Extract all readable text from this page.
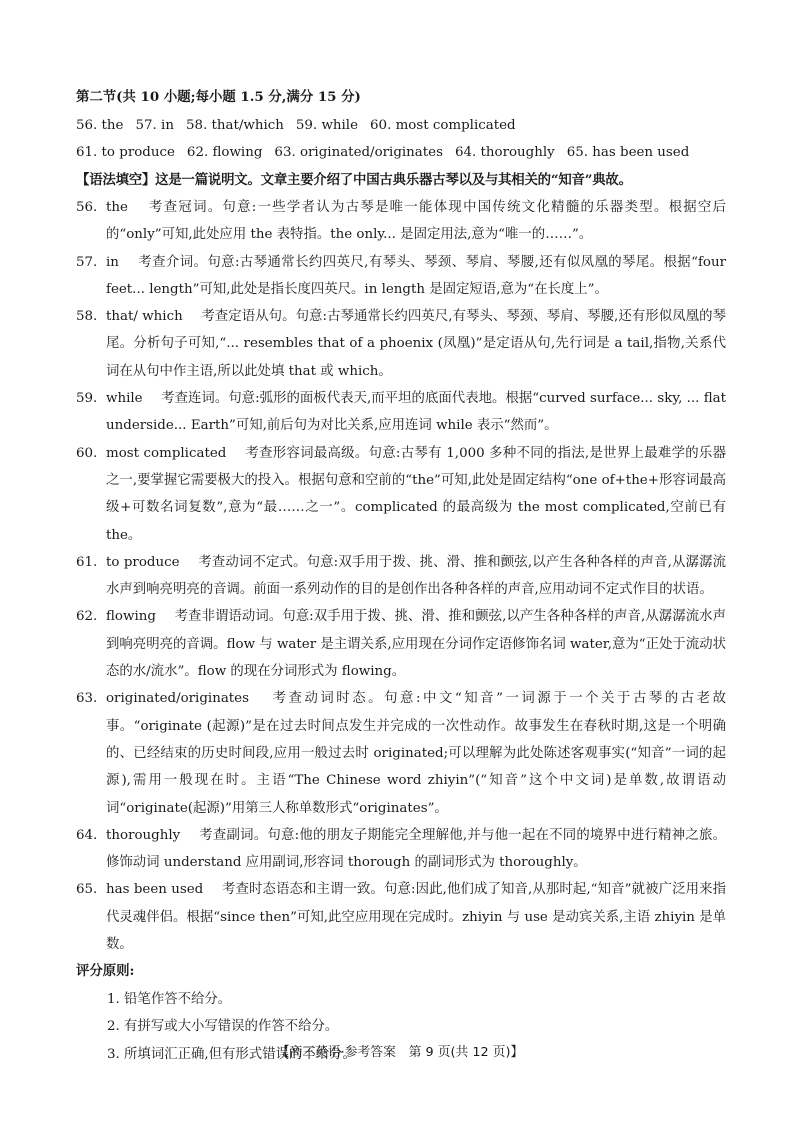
第二节(共 10 小题;每小题 1.5 分,满分 15 分)
56. the 57. in 58. that/which 59. while 60. most complicated
61. to produce 62. flowing 63. originated/originates 64. thoroughly 65. has been used
【语法填空】这是一篇说明文。文章主要介绍了中国古典乐器古琴以及与其相关的“知音”典故。
56. the 考查冠词。句意:一些学者认为古琴是唯一能体现中国传统文化精髓的乐器类型。根据空后的“only”可知,此处应用 the 表特指。the only... 是固定用法,意为“唯一的……”。
57. in 考查介词。句意:古琴通常长约四英尺,有琴头、琴颈、琴肩、琴腰,还有似凤凰的琴尾。根据“four feet... length”可知,此处是指长度四英尺。in length 是固定短语,意为“在长度上”。
58. that/ which 考查定语从句。句意:古琴通常长约四英尺,有琴头、琴颈、琴肩、琴腰,还有形似凤凰的琴尾。分析句子可知,“... resembles that of a phoenix (凤凰)”是定语从句,先行词是 a tail,指物,关系代词在从句中作主语,所以此处填 that 或 which。
59. while 考查连词。句意:弧形的面板代表天,而平坦的底面代表地。根据“curved surface... sky, ... flat underside... Earth”可知,前后句为对比关系,应用连词 while 表示“然而”。
60. most complicated 考查形容词最高级。句意:古琴有 1,000 多种不同的指法,是世界上最难学的乐器之一,要掌握它需要极大的投入。根据句意和空前的“the”可知,此处是固定结构“one of+the+形容词最高级+可数名词复数”,意为“最……之一”。complicated 的最高级为 the most complicated,空前已有 the。
61. to produce 考查动词不定式。句意:双手用于拨、挑、滑、推和颤弦,以产生各种各样的声音,从潺潺流水声到响亮明亮的音调。前面一系列动作的目的是创作出各种各样的声音,应用动词不定式作目的状语。
62. flowing 考查非谓语动词。句意:双手用于拨、挑、滑、推和颤弦,以产生各种各样的声音,从潺潺流水声到响亮明亮的音调。flow 与 water 是主谓关系,应用现在分词作定语修饰名词 water,意为“正处于流动状态的水/流水”。flow 的现在分词形式为 flowing。
63. originated/originates 考查动词时态。句意:中文“知音”一词源于一个关于古琴的古老故事。“originate (起源)”是在过去时间点发生并完成的一次性动作。故事发生在春秋时期,这是一个明确的、已经结束的历史时间段,应用一般过去时 originated;可以理解为此处陈述客观事实(“知音”一词的起源),需用一般现在时。主语“The Chinese word zhiyin”(“知音”这个中文词)是单数,故谓语动词“originate(起源)”用第三人称单数形式“originates”。
64. thoroughly 考查副词。句意:他的朋友子期能完全理解他,并与他一起在不同的境界中进行精神之旅。修饰动词 understand 应用副词,形容词 thorough 的副词形式为 thoroughly。
65. has been used 考查时态语态和主谓一致。句意:因此,他们成了知音,从那时起,“知音”就被广泛用来指代灵魂伴侣。根据“since then”可知,此空应用现在完成时。zhiyin 与 use 是动宾关系,主语 zhiyin 是单数。
评分原则:
1. 铅笔作答不给分。
2. 有拼写或大小写错误的作答不给分。
3. 所填词汇正确,但有形式错误的不给分。
【高三英语·参考答案　第 9 页(共 12 页)】
